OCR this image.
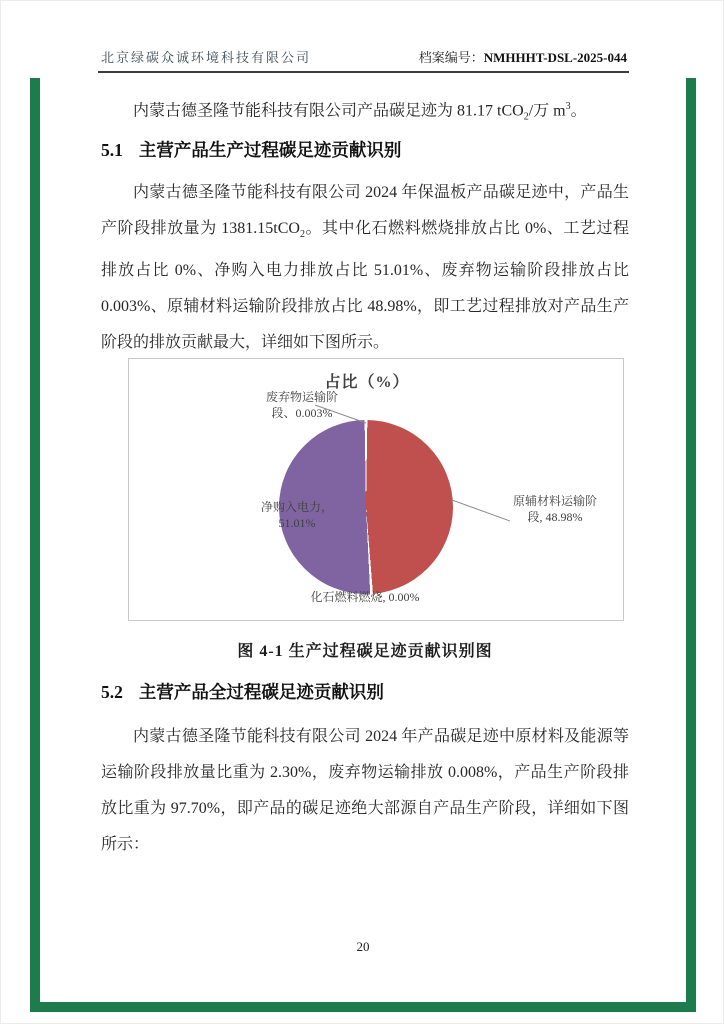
北京绿碳众诚环境科技有限公司	档案编号：NMHHHT-DSL-2025-044

内蒙古德圣隆节能科技有限公司产品碳足迹为 81.17 tCO$_2$/万 $m^3$。

5.1 主营产品生产过程碳足迹贡献识别

内蒙古德圣隆节能科技有限公司 2024 年保温板产品碳足迹中，产品生产阶段排放量为 1381.15tCO$_2$。其中化石燃料燃烧排放占比 0%、工艺过程排放占比 0%、净购入电力排放占比 51.01%、废弃物运输阶段排放占比 0.003%、原辅材料运输阶段排放占比 48.98%，即工艺过程排放对产品生产阶段的排放贡献最大，详细如下图所示。

占比（%）
废弃物运输阶段、0.003%
净购入电力，51.01%
原辅材料运输阶段, 48.98%
化石燃料燃烧, 0.00%
图 4-1 生产过程碳足迹贡献识别图
5.2 主营产品全过程碳足迹贡献识别

内蒙古德圣隆节能科技有限公司 2024 年产品碳足迹中原材料及能源等运输阶段排放量比重为 2.30%，废弃物运输排放 0.008%，产品生产阶段排放比重为 97.70%，即产品的碳足迹绝大部源自产品生产阶段，详细如下图所示：

20
